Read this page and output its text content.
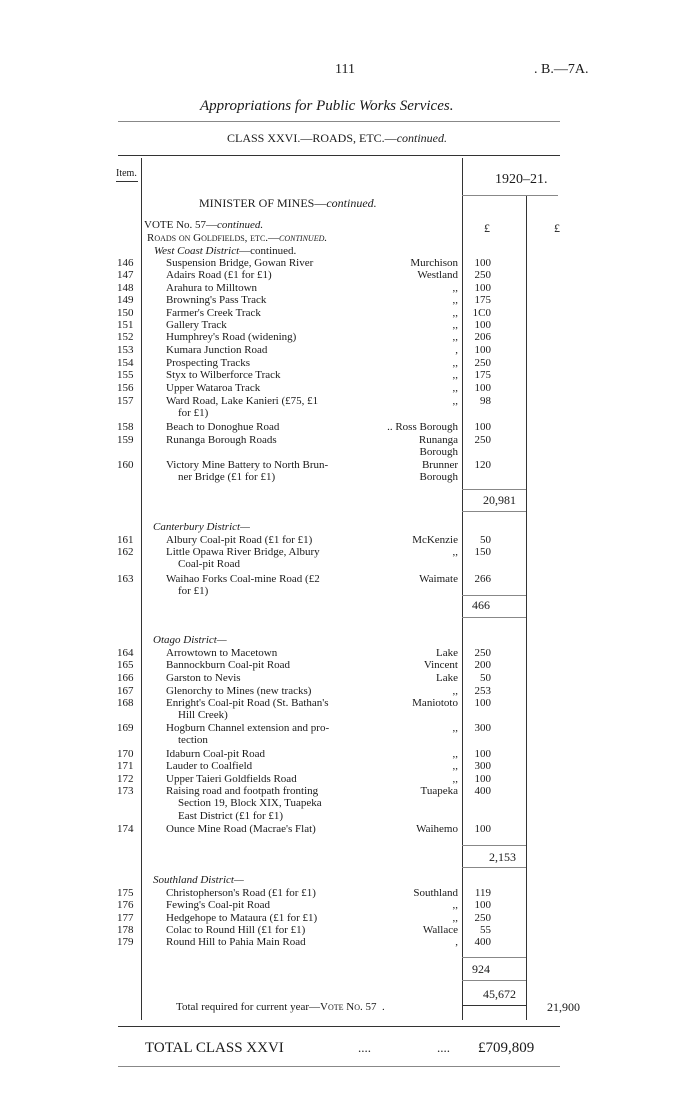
111	. B.—7A.
Appropriations for Public Works Services.
CLASS XXVI.—ROADS, ETC.—continued.
Item.	1920–21.
MINISTER OF MINES—continued.
£	£
VOTE No. 57—continued.
Roads on Goldfields, etc.—continued.
West Coast District—continued.
146	Suspension Bridge, Gowan River	Murchison 100
147	Adairs Road (£1 for £1)	Westland 250
148	Arahura to Milltown	,, 100
149	Browning's Pass Track	,, 175
150	Farmer's Creek Track	,, 1C0
151	Gallery Track	,, 100
152	Humphrey's Road (widening)	,, 206
153	Kumara Junction Road	, 100
154	Prospecting Tracks	,, 250
155	Styx to Wilberforce Track	,, 175
156	Upper Wataroa Track	,, 100
157	Ward Road, Lake Kanieri (£75, £1	,, 98
for £1)
158	Beach to Donoghue Road	.. Ross Borough 100
159	Runanga Borough Roads	Runanga 250
Borough
160	Victory Mine Battery to North Brun-	Brunner 120
ner Bridge (£1 for £1)	Borough
20,981
Canterbury District—
161	Albury Coal-pit Road (£1 for £1)	McKenzie 50
162	Little Opawa River Bridge, Albury	,, 150
Coal-pit Road
163	Waihao Forks Coal-mine Road (£2	Waimate 266
for £1)
466
Otago District—
164	Arrowtown to Macetown	Lake 250
165	Bannockburn Coal-pit Road	Vincent 200
166	Garston to Nevis	Lake 50
167	Glenorchy to Mines (new tracks)	,, 253
168	Enright's Coal-pit Road (St. Bathan's	Maniototo 100
Hill Creek)
169	Hogburn Channel extension and pro-	,, 300
tection
170	Idaburn Coal-pit Road	,, 100
171	Lauder to Coalfield	,, 300
172	Upper Taieri Goldfields Road	,, 100
173	Raising road and footpath fronting	Tuapeka 400
Section 19, Block XIX, Tuapeka
East District (£1 for £1)
174	Ounce Mine Road (Macrae's Flat)	Waihemo 100
2,153
Southland District—
175	Christopherson's Road (£1 for £1)	Southland 119
176	Fewing's Coal-pit Road	,, 100
177	Hedgehope to Mataura (£1 for £1)	,, 250
178	Colac to Round Hill (£1 for £1)	Wallace 55
179	Round Hill to Pahia Main Road	, 400
924
45,672
Total required for current year—Vote No. 57  .	21,900
TOTAL CLASS XXVI	....	.... £709,809
